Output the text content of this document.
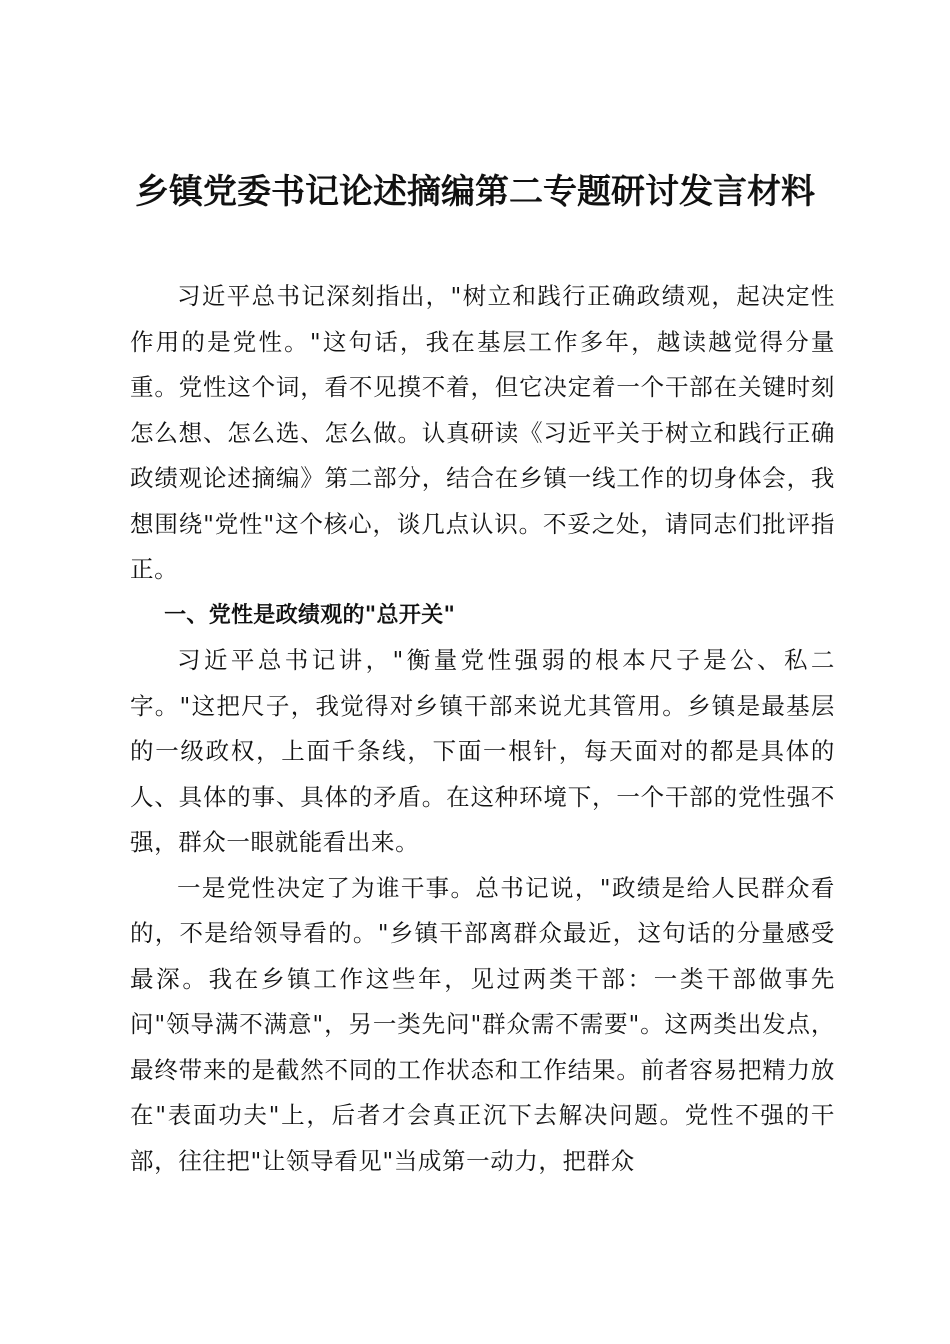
乡镇党委书记论述摘编第二专题研讨发言材料

习近平总书记深刻指出，"树立和践行正确政绩观，起决定性作用的是党性。"这句话，我在基层工作多年，越读越觉得分量重。党性这个词，看不见摸不着，但它决定着一个干部在关键时刻怎么想、怎么选、怎么做。认真研读《习近平关于树立和践行正确政绩观论述摘编》第二部分，结合在乡镇一线工作的切身体会，我想围绕"党性"这个核心，谈几点认识。不妥之处，请同志们批评指正。

一、党性是政绩观的"总开关"

习近平总书记讲，"衡量党性强弱的根本尺子是公、私二字。"这把尺子，我觉得对乡镇干部来说尤其管用。乡镇是最基层的一级政权，上面千条线，下面一根针，每天面对的都是具体的人、具体的事、具体的矛盾。在这种环境下，一个干部的党性强不强，群众一眼就能看出来。

一是党性决定了为谁干事。总书记说，"政绩是给人民群众看的，不是给领导看的。"乡镇干部离群众最近，这句话的分量感受最深。我在乡镇工作这些年，见过两类干部：一类干部做事先问"领导满不满意"，另一类先问"群众需不需要"。这两类出发点，最终带来的是截然不同的工作状态和工作结果。前者容易把精力放在"表面功夫"上，后者才会真正沉下去解决问题。党性不强的干部，往往把"让领导看见"当成第一动力，把群众
